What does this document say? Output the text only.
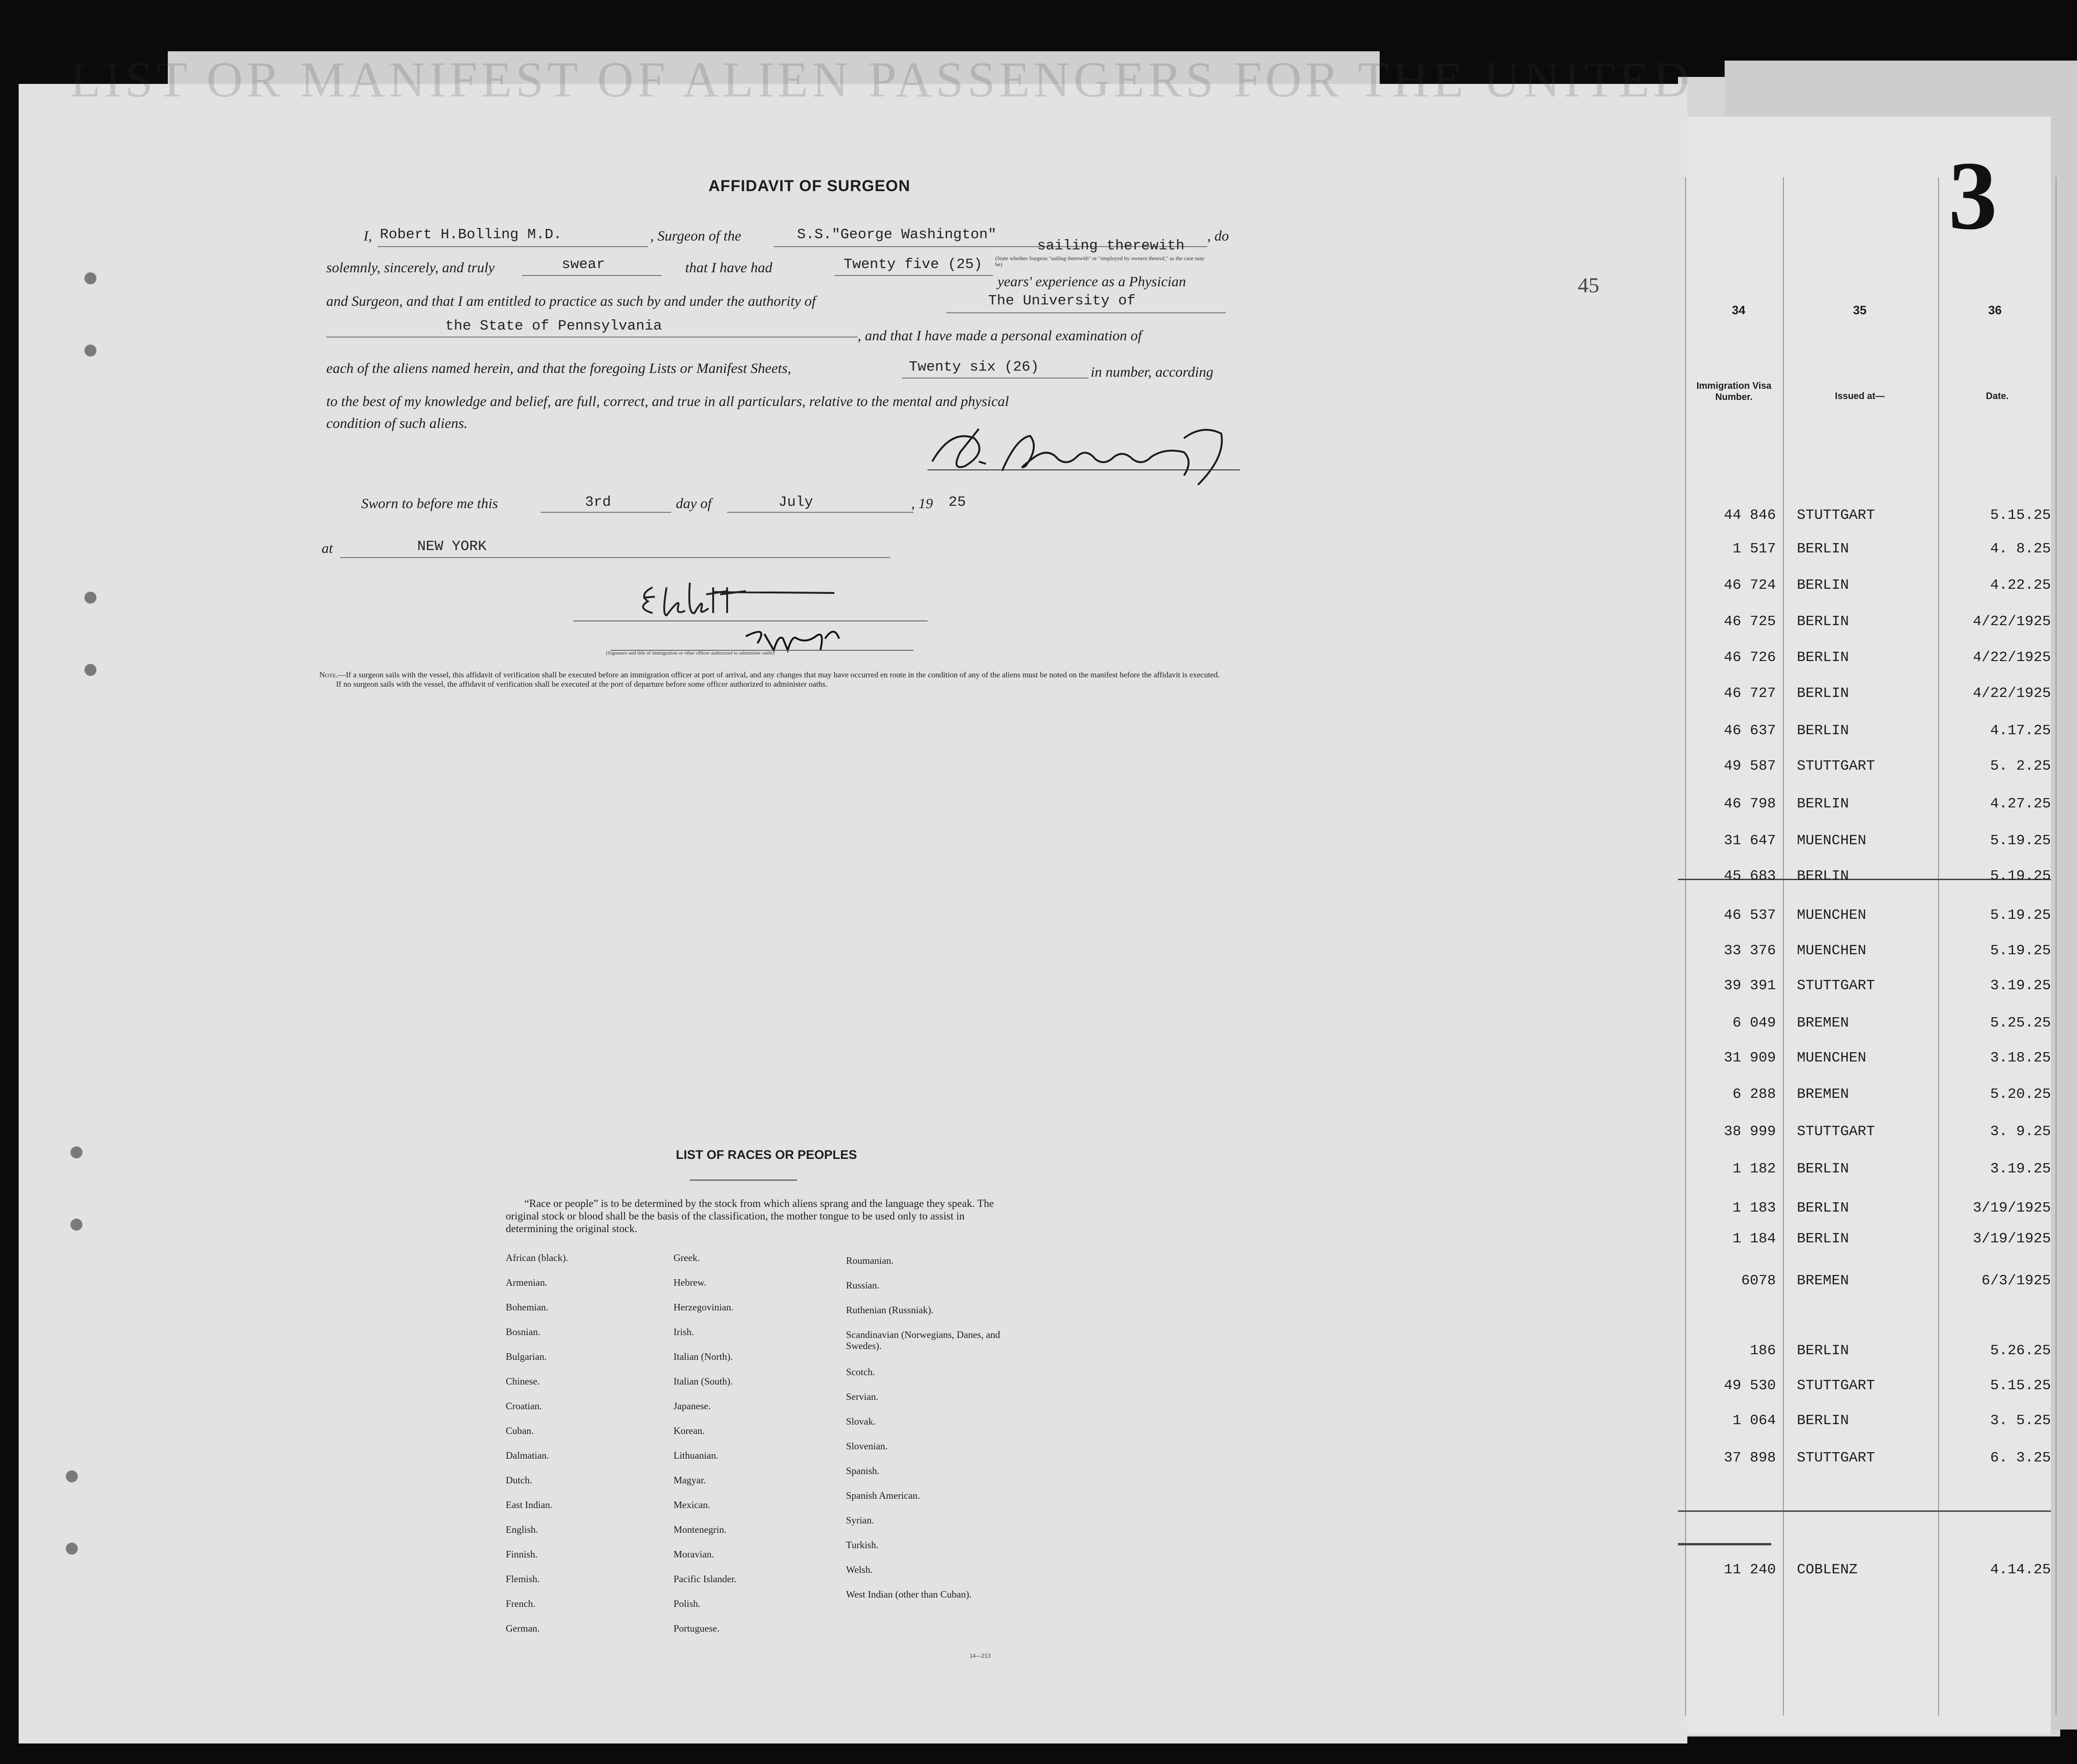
LIST OR MANIFEST OF ALIEN PASSENGERS FOR THE UNITED
3
45
AFFIDAVIT OF SURGEON
I, Robert H.Bolling M.D.	, Surgeon of the	S.S."George Washington"
sailing therewith
, do
(State whether Surgeon "sailing therewith" or "employed by owners thereof," as the case may be)
solemnly, sincerely, and truly	swear	that I have had	Twenty five (25)
years' experience as a Physician
and Surgeon, and that I am entitled to practice as such by and under the authority of	The University of
the State of Pennsylvania
, and that I have made a personal examination of
each of the aliens named herein, and that the foregoing Lists or Manifest Sheets,	Twenty six (26)	in number, according
to the best of my knowledge and belief, are full, correct, and true in all particulars, relative to the mental and physical
condition of such aliens.
Sworn to before me this	3rd	day of	July	, 19 25
at	NEW YORK
(Signature and title of immigration or other officer authorized to administer oaths)
Note.—If a surgeon sails with the vessel, this affidavit of verification shall be executed before an immigration officer at port of arrival, and any changes that may have occurred en route in the condition of any of the aliens must be noted on the manifest before the affidavit is executed.
If no surgeon sails with the vessel, the affidavit of verification shall be executed at the port of departure before some officer authorized to administer oaths.
LIST OF RACES OR PEOPLES
“Race or people” is to be determined by the stock from which aliens sprang and the language they speak. The original stock or blood shall be the basis of the classification, the mother tongue to be used only to assist in determining the original stock.
African (black).
Armenian.
Bohemian.
Bosnian.
Bulgarian.
Chinese.
Croatian.
Cuban.
Dalmatian.
Dutch.
East Indian.
English.
Finnish.
Flemish.
French.
German.
Greek.
Hebrew.
Herzegovinian.
Irish.
Italian (North).
Italian (South).
Japanese.
Korean.
Lithuanian.
Magyar.
Mexican.
Montenegrin.
Moravian.
Pacific Islander.
Polish.
Portuguese.
Roumanian.
Russian.
Ruthenian (Russniak).
Scandinavian (Norwegians, Danes, and Swedes).
Scotch.
Servian.
Slovak.
Slovenian.
Spanish.
Spanish American.
Syrian.
Turkish.
Welsh.
West Indian (other than Cuban).
14—213
34	35	36
Immigration Visa Number.	Issued at—	Date.
44 846 STUTTGART	5.15.25
1 517 BERLIN	4. 8.25
46 724 BERLIN	4.22.25
46 725 BERLIN	4/22/1925
46 726 BERLIN	4/22/1925
46 727 BERLIN	4/22/1925
46 637 BERLIN	4.17.25
49 587 STUTTGART	5. 2.25
46 798 BERLIN	4.27.25
31 647 MUENCHEN	5.19.25
45 683 BERLIN	5.19.25
46 537 MUENCHEN	5.19.25
33 376 MUENCHEN	5.19.25
39 391 STUTTGART	3.19.25
6 049 BREMEN	5.25.25
31 909 MUENCHEN	3.18.25
6 288 BREMEN	5.20.25
38 999 STUTTGART	3. 9.25
1 182 BERLIN	3.19.25
1 183 BERLIN	3/19/1925
1 184 BERLIN	3/19/1925
6078 BREMEN	6/3/1925
186 BERLIN	5.26.25
49 530 STUTTGART	5.15.25
1 064 BERLIN	3. 5.25
37 898 STUTTGART	6. 3.25
11 240 COBLENZ	4.14.25
